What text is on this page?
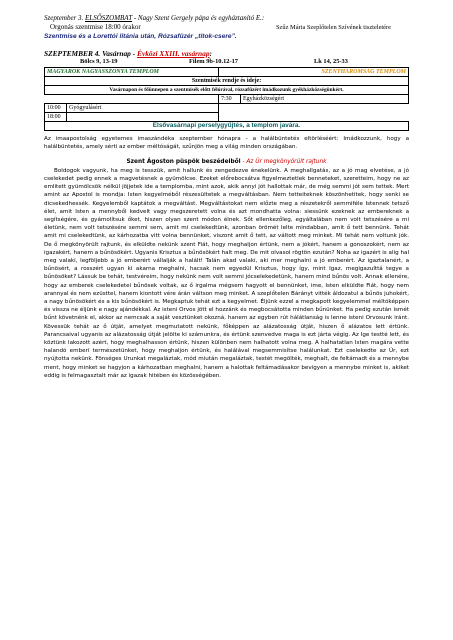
Szeptember 3. ELSŐSZOMBAT - Nagy Szent Gergely pápa és egyháztanító E.:
Orgonás szentmise 18:00 órakor	Szűz Mária Szeplőtelen Szívének tiszteletére
Szentmise és a Lorettói litánia után, Rózsafüzér „titok-csere”.
SZEPTEMBER 4. Vasárnap - Évközi XXIII. vasárnap:
Bölcs 9, 13-19	Filem 9b-10.12-17	Lk 14, 25-33
MAGYAROK NAGYASSZONYA TEMPLOM		SZENTHÁROMSÁG TEMPLOM	
Szentmisék rendje és ideje:			
Vasárnapon és főünnepen a szentmisék előtt félórával, rózsafüzért imádkozunk gyékházközségünkért.			
		7:30	Egyházközségért
10:00	Gyógyulásért		
18:00			
Elsővasárnapi perselygyűjtés, a templom javára.			
Az imaapostolság egyetemes imaszándéka szeptember hónapra - a halálbüntetés eltörléséért: Imádkozzunk, hogy a halálbüntetés, amely sérti az ember méltóságát, szűnjön meg a világ minden országában.
Szent Ágoston püspök beszédeiből - Az Úr megkönyörült rajtunk

Boldogok vagyunk, ha meg is tesszük, amit hallunk és zengedezve énekelünk. A meghallgatás, az a jó mag elvetése, a jó cselekedet pedig ennek a magvetésnek a gyümölcse. Ezeket előrebocsátva figyelmeztetlek benneteket, szeretteim, hogy ne az emlitett gyümölcsök nélkül jöjjetek ide a templomba, mint azok, akik annyi jót hallottak már, de még semmi jót sem tettek. Mert amint az Apostol is mondja: Isten kegyelméből részesültetek a megváltásban. Nem tetteiteknek köszönhetitek, hogy senki se dicsekedhessék. Kegyelemből kaptátok a megváltást. Megváltástokat nem előzte meg a részetekről semmiféle Istennek tetsző élet, amit Isten a mennyből kedvelt vagy megszeretett volna és azt mondhatta volna: siessünk ezeknek az embereknek a segítségére, és gyámolítsuk őket, hiszen olyan szent módon élnek. Sőt ellenkezőleg, egyáltalában nem volt tetszésére a mi életünk, nem volt tetszésére semmi sem, amit mi cselekedtünk, azonban örömét lelte mindabban, amit ő tett bennünk. Tehát amit mi cselekedtünk, az kárhozatba vitt volna bennünket, viszont amit ő tett, az váltott meg minket. Mi tehát nem voltunk jók. De ő megkönyörült rajtunk, és elküldte nekünk szent Fiát, hogy meghaljon értünk, nem a jókért, hanem a gonoszokért, nem az igazakért, hanem a bűnösökért. Ugyanis Krisztus a bűnösökért halt meg. De mit olvasol rögtön ezután? Noha az igazért is alig hal meg valaki, legföljebb a jó emberért vállalják a halált! Talán akad valaki, aki mer meghalni a jó emberért. Az igaztalanért, a bűnösért, a rosszért ugyan ki akarna meghalni, hacsak nem egyedül Krisztus, hogy így, mint Igaz, megigazulttá tegye a bűnösöket? Lássuk be tehát, testvéreim, hogy nekünk nem volt semmi jócselekedetünk, hanem mind bűnös volt. Annak ellenére, hogy az emberek cselekedetei bűnösek voltak, az ő irgalma mégsem hagyott el bennünket, ime, Isten elküldte Fiát, hogy nem arannyal és nem ezüsttel, hanem kiontott vére árán váltson meg minket. A szeplőtelen Bárányt vitték áldozatul a bűnös juhokért, a nagy bűnösökért és a kis bűnösökért is. Megkaptuk tehát ezt a kegyelmet. Éljünk ezzel a megkapott kegyelemmel méltóképpen és vissza ne éljünk e nagy ajándékkal. Az isteni Orvos jött el hozzánk és megbocsátotta minden bűnünket. Ha pedig ezután ismét bűnt követnénk el, akkor az nemcsak a saját vesztünket okozná, hanem az egyben rút hálátlanság is lenne isteni Orvosunk iránt. Kövessük tehát az ő útját, amelyet megmutatott nekünk, főképpen az alázatosság útját, hiszen ő alázatos lett értünk. Parancsaival ugyanis az alázatosság útját jelölte ki számunkra, és értünk szenvedve maga is ezt járta végig. Az Ige testté lett, és köztünk lakozott azért, hogy meghalhasson értünk, hiszen különben nem halhatott volna meg. A halhatatlan Isten magára vette halandó emberi természetünket, hogy meghaljon értünk, és halálával megsemmisítse halálunkat. Ezt cselekedte az Úr, ezt nyújtotta nekünk. Fönséges Urunkat megaláztak, mód miután megaláztak, testét megölték, meghalt, de feltámadt és a mennybe ment, hogy minket se hagyjon a kárhozatban meghalni, hanem a halottak feltámadásakor bevigyen a mennybe minket is, akiket eddig is felmagasztalt már az igazak hitében és közösségében.
